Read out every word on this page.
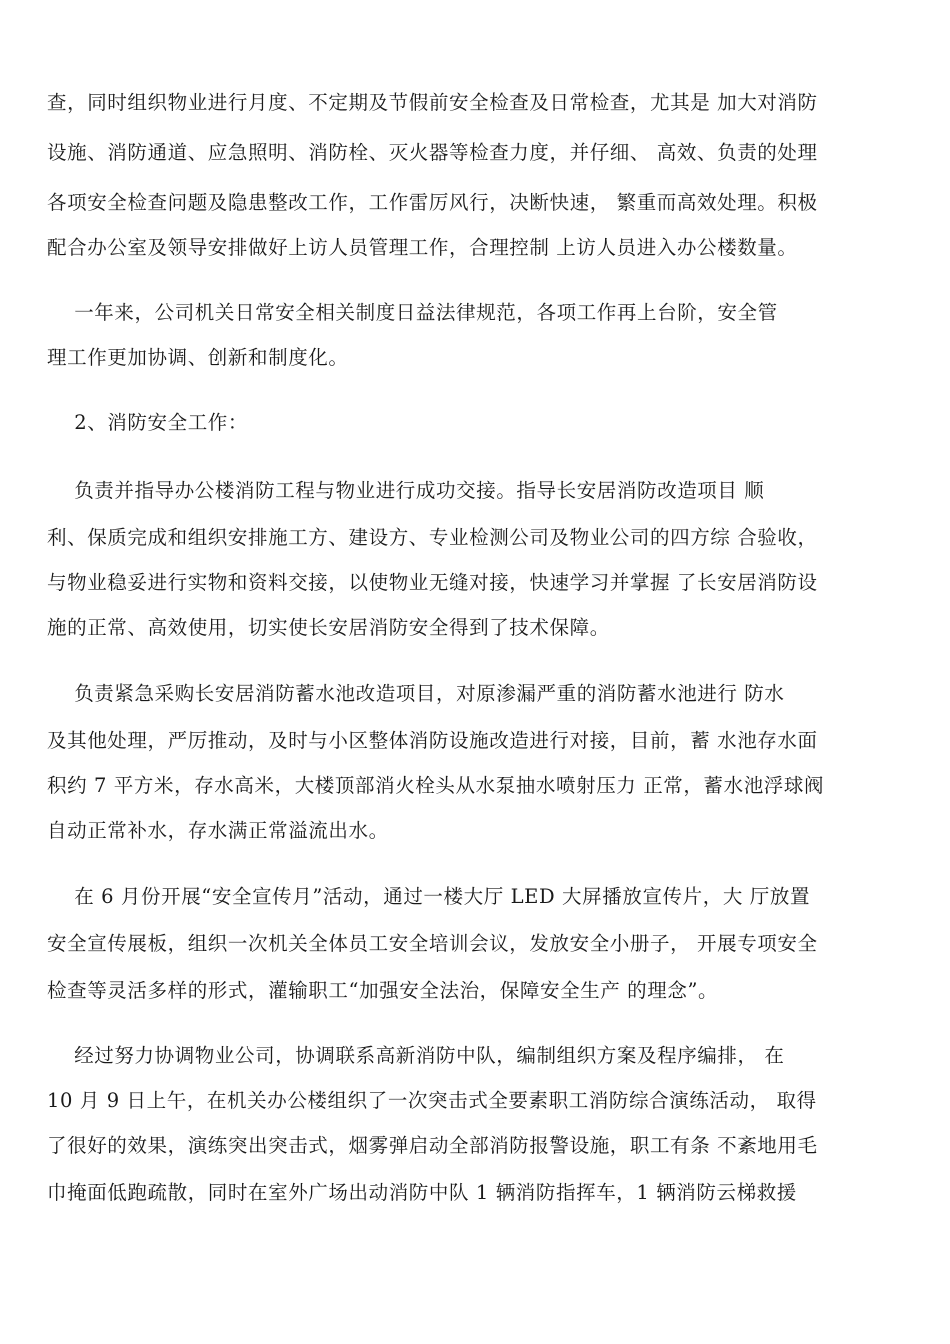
查，同时组织物业进行月度、不定期及节假前安全检查及日常检查，尤其是 加大对消防

设施、消防通道、应急照明、消防栓、灭火器等检查力度，并仔细、 高效、负责的处理

各项安全检查问题及隐患整改工作，工作雷厉风行，决断快速， 繁重而高效处理。积极

配合办公室及领导安排做好上访人员管理工作，合理控制 上访人员进入办公楼数量。

一年来，公司机关日常安全相关制度日益法律规范，各项工作再上台阶，安全管

理工作更加协调、创新和制度化。

2、消防安全工作：

负责并指导办公楼消防工程与物业进行成功交接。指导长安居消防改造项目 顺

利、保质完成和组织安排施工方、建设方、专业检测公司及物业公司的四方综 合验收，

与物业稳妥进行实物和资料交接，以使物业无缝对接，快速学习并掌握 了长安居消防设

施的正常、高效使用，切实使长安居消防安全得到了技术保障。

负责紧急采购长安居消防蓄水池改造项目，对原渗漏严重的消防蓄水池进行 防水

及其他处理，严厉推动，及时与小区整体消防设施改造进行对接，目前，蓄 水池存水面

积约 7 平方米，存水高米，大楼顶部消火栓头从水泵抽水喷射压力 正常，蓄水池浮球阀

自动正常补水，存水满正常溢流出水。

在 6 月份开展“安全宣传月”活动，通过一楼大厅 LED 大屏播放宣传片，大 厅放置

安全宣传展板，组织一次机关全体员工安全培训会议，发放安全小册子， 开展专项安全

检查等灵活多样的形式，灌输职工“加强安全法治，保障安全生产 的理念”。

经过努力协调物业公司，协调联系高新消防中队，编制组织方案及程序编排， 在

10 月 9 日上午，在机关办公楼组织了一次突击式全要素职工消防综合演练活动， 取得

了很好的效果，演练突出突击式，烟雾弹启动全部消防报警设施，职工有条 不紊地用毛

巾掩面低跑疏散，同时在室外广场出动消防中队 1 辆消防指挥车，1 辆消防云梯救援
